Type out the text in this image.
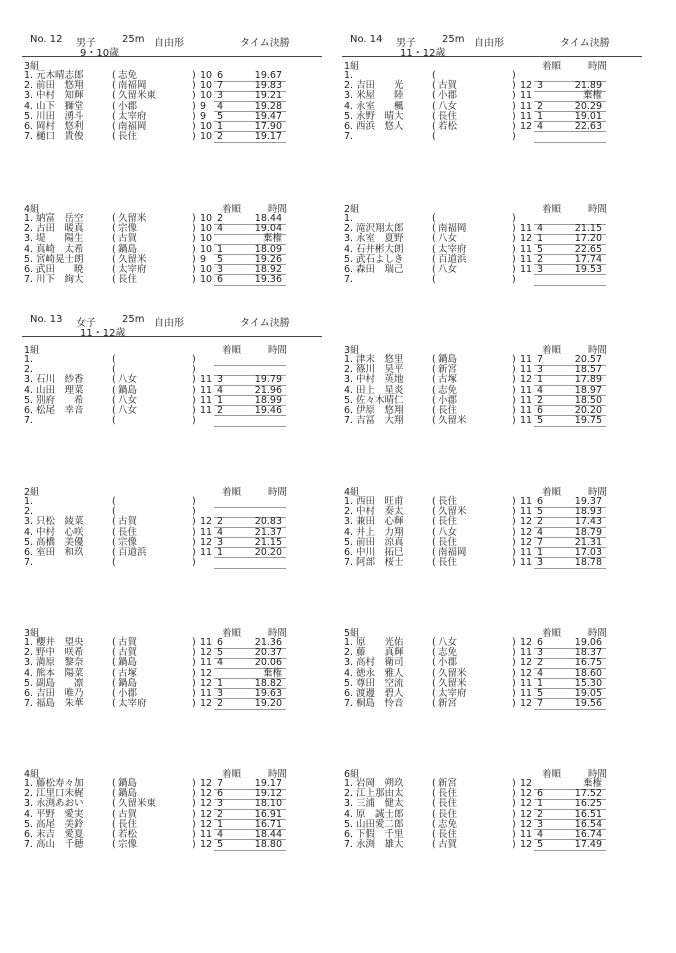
No. 12 男子	25m 自由形	タイム決勝
9・10歳
3組
1. 元木晴志郎	( 志免	) 10 6	19.67
2. 前田　悠翔	( 南福岡	) 10 7	19.83
3. 中村　知輝	( 久留米東	) 10 3	19.21
4. 山下　獅堂	( 小郡	) 9 4	19.28
5. 川田　湧斗	( 太宰府	) 9 5	19.47
6. 岡村　悠利	( 南福岡	) 10 1	17.90
7. 樋口　貴俊	( 長住	) 10 2	19.17
4組	着順	時間
1. 納富　岳空	( 久留米	) 10 2	18.44
2. 古田　暖真	( 宗像	) 10 4	19.04
3. 堤　　陽生	( 古賀	) 10	棄権
4. 真崎　太希	( 鍋島	) 10 1	18.09
5. 宮崎晃士朗	( 久留米	) 9 5	19.26
6. 武田　　暁	( 太宰府	) 10 3	18.92
7. 川下　絢大	( 長住	) 10 6	19.36
No. 13 女子	25m 自由形	タイム決勝
11・12歳
1組	着順	時間
1.	(	)
2.	(	)
3. 石川　紗香	( 八女	) 11 3	19.79
4. 山田　理菜	( 鍋島	) 11 4	21.96
5. 別府　　希	( 八女	) 11 1	18.99
6. 松尾　幸音	( 八女	) 11 2	19.46
7.	(	)
2組	着順	時間
1.	(	)
2.	(	)
3. 只松　綾菜	( 古賀	) 12 2	20.83
4. 中村　心咲	( 長住	) 11 4	21.37
5. 高橋　美優	( 宗像	) 12 3	21.15
6. 室田　和玖	( 百道浜	) 11 1	20.20
7.	(	)
3組	着順	時間
1. 櫻井　望央	( 古賀	) 11 6	21.36
2. 野中　咲希	( 古賀	) 12 5	20.37
3. 満原　黎奈	( 鍋島	) 11 4	20.06
4. 熊本　陽菜	( 古塚	) 12	棄権
5. 副島　　凛	( 鍋島	) 12 1	18.82
6. 吉田　唯乃	( 小郡	) 11 3	19.63
7. 福島　朱華	( 太宰府	) 12 2	19.20
4組	着順	時間
1. 藤松寿々加	( 鍋島	) 12 7	19.17
2. 江里口未梶	( 鍋島	) 12 6	19.12
3. 永渕あおい	( 久留米東	) 12 3	18.10
4. 平野　愛実	( 古賀	) 12 2	16.91
5. 高尾　美鈴	( 長住	) 12 1	16.71
6. 末吉　愛夏	( 若松	) 11 4	18.44
7. 高山　千穂	( 宗像	) 12 5	18.80
No. 14 男子	25m 自由形	タイム決勝
11・12歳
1組	着順	時間
1.	(	)
2. 吉田　　光	( 古賀	) 12 3	21.89
3. 米屋　　陸	( 小郡	) 11	棄権
4. 永室　　楓	( 八女	) 11 2	20.29
5. 永野　晴大	( 長住	) 11 1	19.01
6. 西浜　悠人	( 若松	) 12 4	22.63
7.	(	)
2組	着順	時間
1.	(	)
2. 滝沢翔太郎	( 南福岡	) 11 4	21.15
3. 永室　夏野	( 八女	) 12 1	17.20
4. 石井彬大朗	( 太宰府	) 11 5	22.65
5. 武石よしき	( 百道浜	) 11 2	17.74
6. 森田　瑞己	( 八女	) 11 3	19.53
7.	(	)
3組	着順	時間
1. 津末　悠里	( 鍋島	) 11 7	20.57
2. 篠川　昊平	( 新宮	) 11 3	18.57
3. 中村　英地	( 古塚	) 12 1	17.89
4. 田上　星炎	( 志免	) 11 4	18.97
5. 佐々木晴仁	( 小郡	) 11 2	18.50
6. 伊原　悠翔	( 長住	) 11 6	20.20
7. 吉冨　大翔	( 久留米	) 11 5	19.75
4組	着順	時間
1. 西田　旺甫	( 長住	) 11 6	19.37
2. 中村　奏太	( 久留米	) 11 5	18.93
3. 兼田　心輝	( 長住	) 12 2	17.43
4. 井上　力翔	( 八女	) 12 4	18.79
5. 前田　涼真	( 長住	) 12 7	21.31
6. 中川　拓巳	( 南福岡	) 11 1	17.03
7. 阿部　桜士	( 長住	) 11 3	18.78
5組	着順	時間
1. 原　　光佑	( 八女	) 12 6	19.06
2. 藤　　真輝	( 志免	) 11 3	18.37
3. 高村　衛司	( 小郡	) 12 2	16.75
4. 徳永　雅人	( 久留米	) 12 4	18.60
5. 尊田　空流	( 久留米	) 11 1	15.30
6. 渡邊　碧人	( 太宰府	) 11 5	19.05
7. 桐島　怜音	( 新宮	) 12 7	19.56
6組	着順	時間
1. 岩岡　朔玖	( 新宮	) 12	棄権
2. 江上那由太	( 長住	) 12 6	17.52
3. 三浦　健太	( 長住	) 12 1	16.25
4. 原　誠士郎	( 長住	) 12 2	16.51
5. 山田愛二郎	( 志免	) 12 3	16.54
6. 下假　千里	( 長住	) 11 4	16.74
7. 永渕　雄大	( 古賀	) 12 5	17.49
